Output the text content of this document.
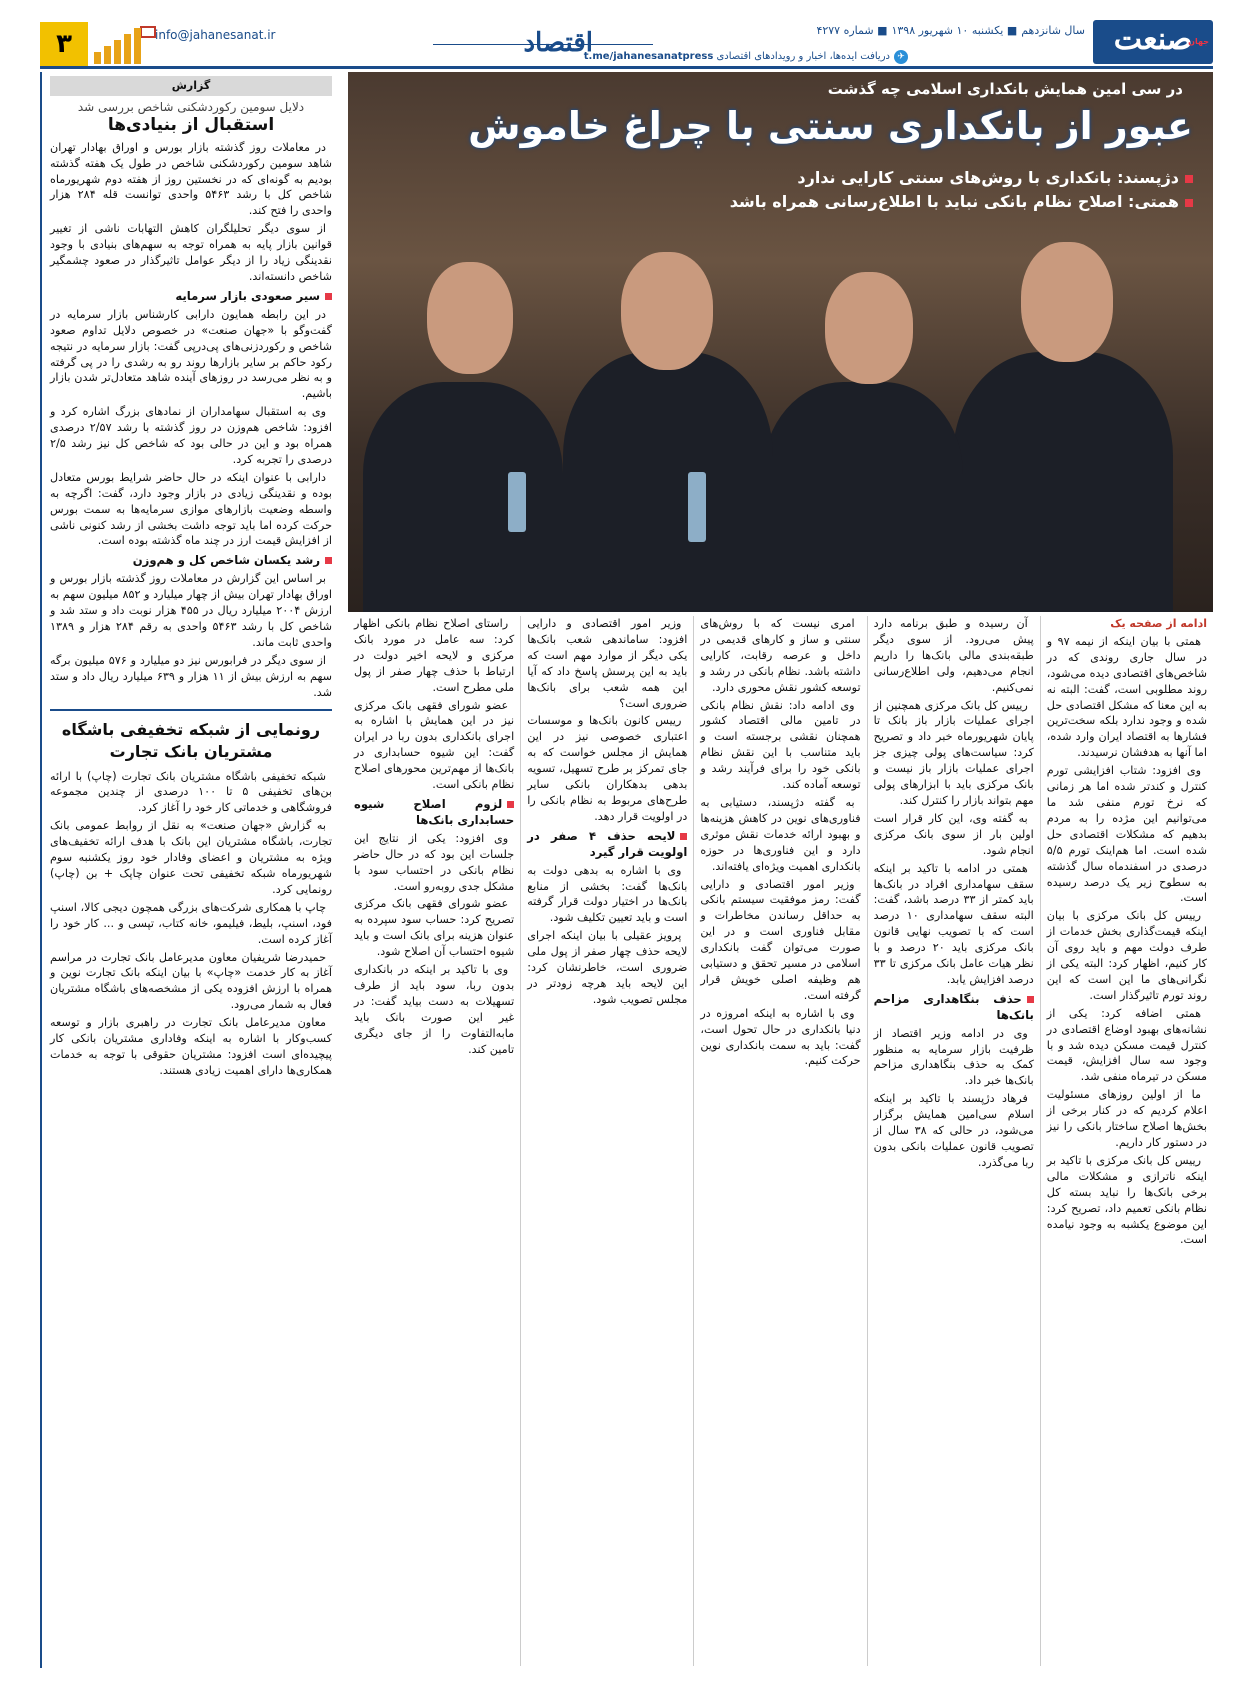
صنعت
جهان
سال شانزدهم■ یکشنبه ۱۰ شهریور ۱۳۹۸■ شماره ۴۲۷۷
✈دریافت ایده‌ها، اخبار و رویدادهای اقتصادی t.me/jahanesanatpress
اقتصاد
info@jahanesanat.ir
۳
در سی امین همایش بانکداری اسلامی چه گذشت
عبور از بانکداری سنتی با چراغ خاموش
دژپسند: بانکداری با روش‌های سنتی کارایی ندارد
همتی: اصلاح نظام بانکی نباید با اطلاع‌رسانی همراه باشد
ادامه از صفحه یک

همتی با بیان اینکه از نیمه ۹۷ و در سال جاری روندی که در شاخص‌های اقتصادی دیده می‌شود، روند مطلوبی است، گفت: البته نه به این معنا که مشکل اقتصادی حل شده و وجود ندارد بلکه سخت‌ترین فشارها به اقتصاد ایران وارد شده، اما آنها به هدفشان نرسیدند.

وی افزود: شتاب افزایشی تورم کنترل و کندتر شده اما هر زمانی که نرخ تورم منفی شد ما می‌توانیم این مژده را به مردم بدهیم که مشکلات اقتصادی حل شده است. اما هم‌اینک تورم ۵/۵ درصدی در اسفندماه سال گذشته به سطوح زیر یک درصد رسیده است.

رییس کل بانک مرکزی با بیان اینکه قیمت‌گذاری بخش خدمات از طرف دولت مهم و باید روی آن کار کنیم، اظهار کرد: البته یکی از نگرانی‌های ما این است که این روند تورم تاثیرگذار است.

همتی اضافه کرد: یکی از نشانه‌های بهبود اوضاع اقتصادی در کنترل قیمت مسکن دیده شد و با وجود سه سال افزایش، قیمت مسکن در تیرماه منفی شد.

ما از اولین روزهای مسئولیت اعلام کردیم که در کنار برخی از بخش‌ها اصلاح ساختار بانکی را نیز در دستور کار داریم.

رییس کل بانک مرکزی با تاکید بر اینکه ناترازی و مشکلات مالی برخی بانک‌ها را نباید بسته کل نظام بانکی تعمیم داد، تصریح کرد: این موضوع یکشبه به وجود نیامده است.

آن رسیده و طبق برنامه دارد پیش می‌رود. از سوی دیگر طبقه‌بندی مالی بانک‌ها را داریم انجام می‌دهیم، ولی اطلاع‌رسانی نمی‌کنیم.

رییس کل بانک مرکزی همچنین از اجرای عملیات بازار باز بانک تا پایان شهریورماه خبر داد و تصریح کرد: سیاست‌های پولی چیزی جز اجرای عملیات بازار باز نیست و بانک مرکزی باید با ابزارهای پولی مهم بتواند بازار را کنترل کند.

به گفته وی، این کار قرار است اولین بار از سوی بانک مرکزی انجام شود.

همتی در ادامه با تاکید بر اینکه سقف سهامداری افراد در بانک‌ها باید کمتر از ۳۳ درصد باشد، گفت: البته سقف سهامداری ۱۰ درصد است که با تصویب نهایی قانون بانک مرکزی باید ۲۰ درصد و با نظر هیات عامل بانک مرکزی تا ۳۳ درصد افزایش یابد.

حذف بنگاهداری مزاحم بانک‌ها

وی در ادامه وزیر اقتصاد از ظرفیت بازار سرمایه به منظور کمک به حذف بنگاهداری مزاحم بانک‌ها خبر داد.

فرهاد دژپسند با تاکید بر اینکه اسلام سی‌امین همایش برگزار می‌شود، در حالی که ۳۸ سال از تصویب قانون عملیات بانکی بدون ربا می‌گذرد.

امری نیست که با روش‌های سنتی و ساز و کارهای قدیمی در داخل و عرصه رقابت، کارایی داشته باشد. نظام بانکی در رشد و توسعه کشور نقش محوری دارد.

وی ادامه داد: نقش نظام بانکی در تامین مالی اقتصاد کشور همچنان نقشی برجسته است و باید متناسب با این نقش نظام بانکی خود را برای فرآیند رشد و توسعه آماده کند.

به گفته دژپسند، دستیابی به فناوری‌های نوین در کاهش هزینه‌ها و بهبود ارائه خدمات نقش موثری دارد و این فناوری‌ها در حوزه بانکداری اهمیت ویژه‌ای یافته‌اند.

وزیر امور اقتصادی و دارایی گفت: رمز موفقیت سیستم بانکی به حداقل رساندن مخاطرات و مقابل فناوری است و در این صورت می‌توان گفت بانکداری اسلامی در مسیر تحقق و دستیابی هم وظیفه اصلی خویش قرار گرفته است.

وی با اشاره به اینکه امروزه در دنیا بانکداری در حال تحول است، گفت: باید به سمت بانکداری نوین حرکت کنیم.

وزیر امور اقتصادی و دارایی افزود: ساماندهی شعب بانک‌ها یکی دیگر از موارد مهم است که باید به این پرسش پاسخ داد که آیا این همه شعب برای بانک‌ها ضروری است؟

رییس کانون بانک‌ها و موسسات اعتباری خصوصی نیز در این همایش از مجلس خواست که به جای تمرکز بر طرح تسهیل، تسویه بدهی بدهکاران بانکی سایر طرح‌های مربوط به نظام بانکی را در اولویت قرار دهد.

لایحه حذف ۴ صفر در اولویت قرار گیرد

وی با اشاره به بدهی دولت به بانک‌ها گفت: بخشی از منابع بانک‌ها در اختیار دولت قرار گرفته است و باید تعیین تکلیف شود.

پرویز عقیلی با بیان اینکه اجرای لایحه حذف چهار صفر از پول ملی ضروری است، خاطرنشان کرد: این لایحه باید هرچه زودتر در مجلس تصویب شود.

راستای اصلاح نظام بانکی اظهار کرد: سه عامل در مورد بانک مرکزی و لایحه اخیر دولت در ارتباط با حذف چهار صفر از پول ملی مطرح است.

عضو شورای فقهی بانک مرکزی نیز در این همایش با اشاره به اجرای بانکداری بدون ربا در ایران گفت: این شیوه حسابداری در بانک‌ها از مهم‌ترین محورهای اصلاح نظام بانکی است.

لزوم اصلاح شیوه حسابداری بانک‌ها

وی افزود: یکی از نتایج این جلسات این بود که در حال حاضر نظام بانکی در احتساب سود با مشکل جدی روبه‌رو است.

عضو شورای فقهی بانک مرکزی تصریح کرد: حساب سود سپرده به عنوان هزینه برای بانک است و باید شیوه احتساب آن اصلاح شود.

وی با تاکید بر اینکه در بانکداری بدون ربا، سود باید از طرف تسهیلات به دست بیاید گفت: در غیر این صورت بانک باید مابه‌التفاوت را از جای دیگری تامین کند.

گزارش
دلایل سومین رکوردشکنی شاخص بررسی شد
استقبال از بنیادی‌ها

در معاملات روز گذشته بازار بورس و اوراق بهادار تهران شاهد سومین رکوردشکنی شاخص در طول یک هفته گذشته بودیم به گونه‌ای که در نخستین روز از هفته دوم شهریورماه شاخص کل با رشد ۵۴۶۳ واحدی توانست قله ۲۸۴ هزار واحدی را فتح کند.

از سوی دیگر تحلیلگران کاهش التهابات ناشی از تغییر قوانین بازار پایه به همراه توجه به سهم‌های بنیادی با وجود نقدینگی زیاد را از دیگر عوامل تاثیرگذار در صعود چشمگیر شاخص دانسته‌اند.

سیر صعودی بازار سرمایه

در این رابطه همایون دارابی کارشناس بازار سرمایه در گفت‌وگو با «جهان صنعت» در خصوص دلایل تداوم صعود شاخص و رکوردزنی‌های پی‌درپی گفت: بازار سرمایه در نتیجه رکود حاکم بر سایر بازارها روند رو به رشدی را در پی گرفته و به نظر می‌رسد در روزهای آینده شاهد متعادل‌تر شدن بازار باشیم.

وی به استقبال سهامداران از نمادهای بزرگ اشاره کرد و افزود: شاخص هم‌وزن در روز گذشته با رشد ۲/۵۷ درصدی همراه بود و این در حالی بود که شاخص کل نیز رشد ۲/۵ درصدی را تجربه کرد.

دارابی با عنوان اینکه در حال حاضر شرایط بورس متعادل بوده و نقدینگی زیادی در بازار وجود دارد، گفت: اگرچه به واسطه وضعیت بازارهای موازی سرمایه‌ها به سمت بورس حرکت کرده اما باید توجه داشت بخشی از رشد کنونی ناشی از افزایش قیمت ارز در چند ماه گذشته بوده است.

رشد یکسان شاخص کل و هم‌وزن

بر اساس این گزارش در معاملات روز گذشته بازار بورس و اوراق بهادار تهران بیش از چهار میلیارد و ۸۵۲ میلیون سهم به ارزش ۲۰۰۴ میلیارد ریال در ۴۵۵ هزار نوبت داد و ستد شد و شاخص کل با رشد ۵۴۶۳ واحدی به رقم ۲۸۴ هزار و ۱۳۸۹ واحدی ثابت ماند.

از سوی دیگر در فرابورس نیز دو میلیارد و ۵۷۶ میلیون برگه سهم به ارزش بیش از ۱۱ هزار و ۶۳۹ میلیارد ریال داد و ستد شد.

رونمایی از شبکه تخفیفی باشگاه مشتریان بانک تجارت

شبکه تخفیفی باشگاه مشتریان بانک تجارت (چاپ) با ارائه بن‌های تخفیفی ۵ تا ۱۰۰ درصدی از چندین مجموعه فروشگاهی و خدماتی کار خود را آغاز کرد.

به گزارش «جهان صنعت» به نقل از روابط عمومی بانک تجارت، باشگاه مشتریان این بانک با هدف ارائه تخفیف‌های ویژه به مشتریان و اعضای وفادار خود روز یکشنبه سوم شهریورماه شبکه تخفیفی تحت عنوان چاپک + بن (چاپ) رونمایی کرد.

چاپ با همکاری شرکت‌های بزرگی همچون دیجی کالا، اسنپ فود، اسنپ، بلیط، فیلیمو، خانه کتاب، تپسی و ... کار خود را آغاز کرده است.

حمیدرضا شریفیان معاون مدیرعامل بانک تجارت در مراسم آغاز به کار خدمت «چاپ» با بیان اینکه بانک تجارت نوین و همراه با ارزش افزوده یکی از مشخصه‌های باشگاه مشتریان فعال به شمار می‌رود.

معاون مدیرعامل بانک تجارت در راهبری بازار و توسعه کسب‌وکار با اشاره به اینکه وفاداری مشتریان بانکی کار پیچیده‌ای است افزود: مشتریان حقوقی با توجه به خدمات همکاری‌ها دارای اهمیت زیادی هستند.
